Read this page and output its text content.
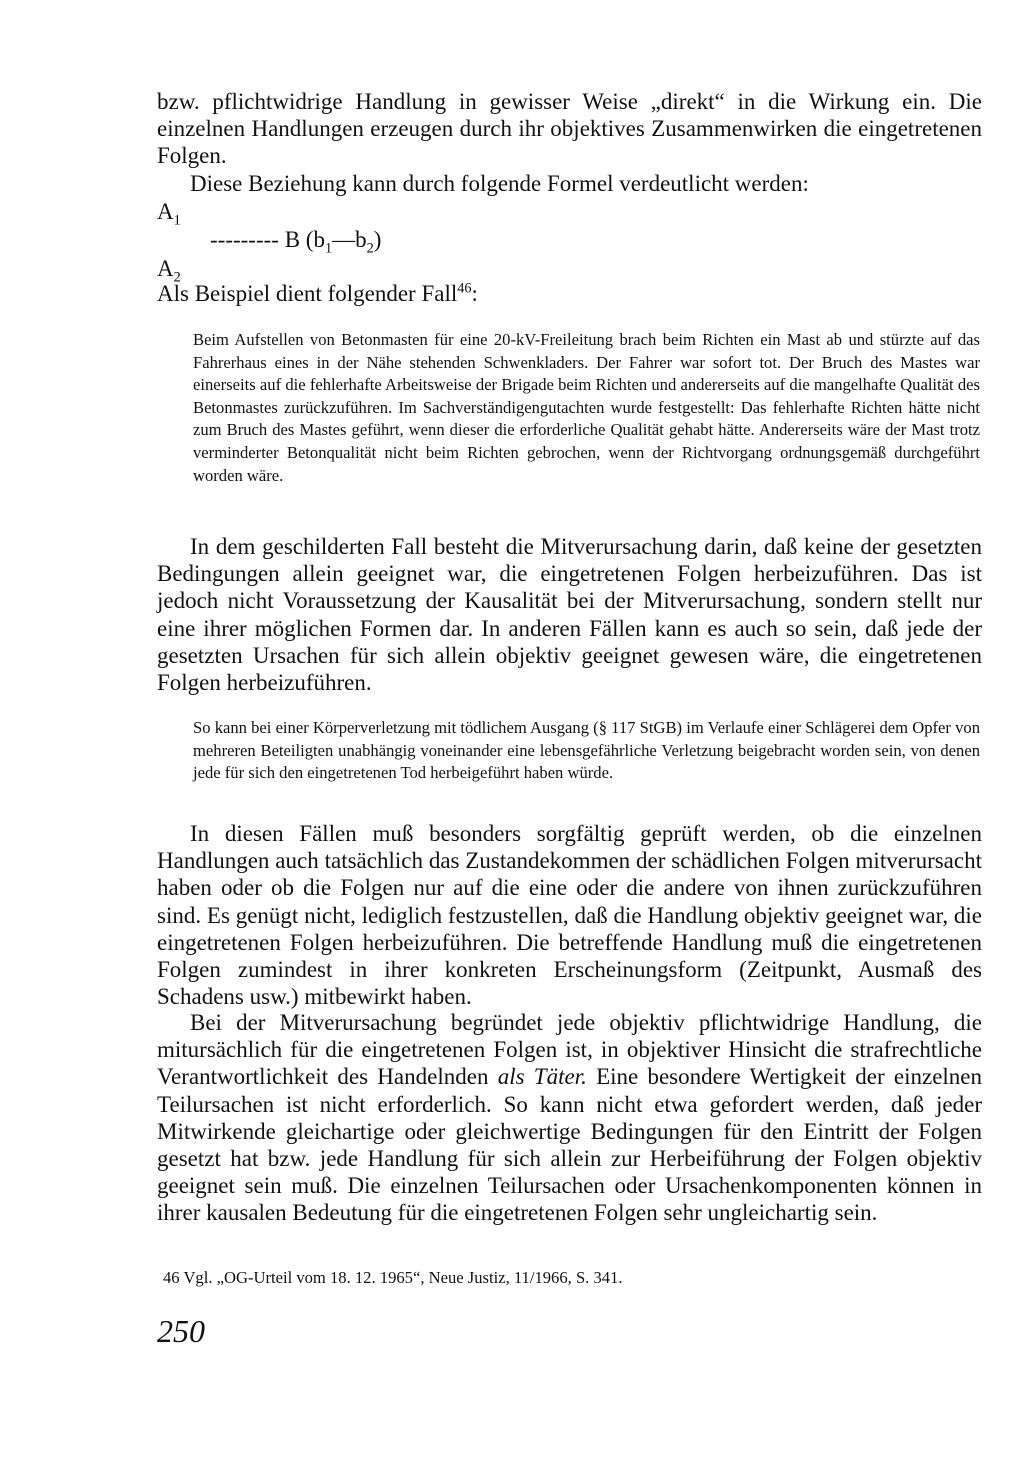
bzw. pflichtwidrige Handlung in gewisser Weise „direkt“ in die Wirkung ein. Die einzelnen Handlungen erzeugen durch ihr objektives Zusammenwirken die eingetretenen Folgen.

Diese Beziehung kann durch folgende Formel verdeutlicht werden:

$A_1$
--------- B $(b_1—b_2)$
$A_2$

Als Beispiel dient folgender Fall$^{46}$:

Beim Aufstellen von Betonmasten für eine 20-kV-Freileitung brach beim Richten ein Mast ab und stürzte auf das Fahrerhaus eines in der Nähe stehenden Schwenkladers. Der Fahrer war sofort tot. Der Bruch des Mastes war einerseits auf die fehlerhafte Arbeitsweise der Brigade beim Richten und andererseits auf die mangelhafte Qualität des Betonmastes zurückzuführen. Im Sachverständigengutachten wurde festgestellt: Das fehlerhafte Richten hätte nicht zum Bruch des Mastes geführt, wenn dieser die erforderliche Qualität gehabt hätte. Andererseits wäre der Mast trotz verminderter Betonqualität nicht beim Richten gebrochen, wenn der Richtvorgang ordnungsgemäß durchgeführt worden wäre.

In dem geschilderten Fall besteht die Mitverursachung darin, daß keine der gesetzten Bedingungen allein geeignet war, die eingetretenen Folgen herbeizuführen. Das ist jedoch nicht Voraussetzung der Kausalität bei der Mitverursachung, sondern stellt nur eine ihrer möglichen Formen dar. In anderen Fällen kann es auch so sein, daß jede der gesetzten Ursachen für sich allein objektiv geeignet gewesen wäre, die eingetretenen Folgen herbeizuführen.

So kann bei einer Körperverletzung mit tödlichem Ausgang (§ 117 StGB) im Verlaufe einer Schlägerei dem Opfer von mehreren Beteiligten unabhängig voneinander eine lebensgefährliche Verletzung beigebracht worden sein, von denen jede für sich den eingetretenen Tod herbeigeführt haben würde.

In diesen Fällen muß besonders sorgfältig geprüft werden, ob die einzelnen Handlungen auch tatsächlich das Zustandekommen der schädlichen Folgen mitverursacht haben oder ob die Folgen nur auf die eine oder die andere von ihnen zurückzuführen sind. Es genügt nicht, lediglich festzustellen, daß die Handlung objektiv geeignet war, die eingetretenen Folgen herbeizuführen. Die betreffende Handlung muß die eingetretenen Folgen zumindest in ihrer konkreten Erscheinungsform (Zeitpunkt, Ausmaß des Schadens usw.) mitbewirkt haben.

Bei der Mitverursachung begründet jede objektiv pflichtwidrige Handlung, die mitursächlich für die eingetretenen Folgen ist, in objektiver Hinsicht die strafrechtliche Verantwortlichkeit des Handelnden als Täter. Eine besondere Wertigkeit der einzelnen Teilursachen ist nicht erforderlich. So kann nicht etwa gefordert werden, daß jeder Mitwirkende gleichartige oder gleichwertige Bedingungen für den Eintritt der Folgen gesetzt hat bzw. jede Handlung für sich allein zur Herbeiführung der Folgen objektiv geeignet sein muß. Die einzelnen Teilursachen oder Ursachenkomponenten können in ihrer kausalen Bedeutung für die eingetretenen Folgen sehr ungleichartig sein.

46 Vgl. „OG-Urteil vom 18. 12. 1965“, Neue Justiz, 11/1966, S. 341.

250
